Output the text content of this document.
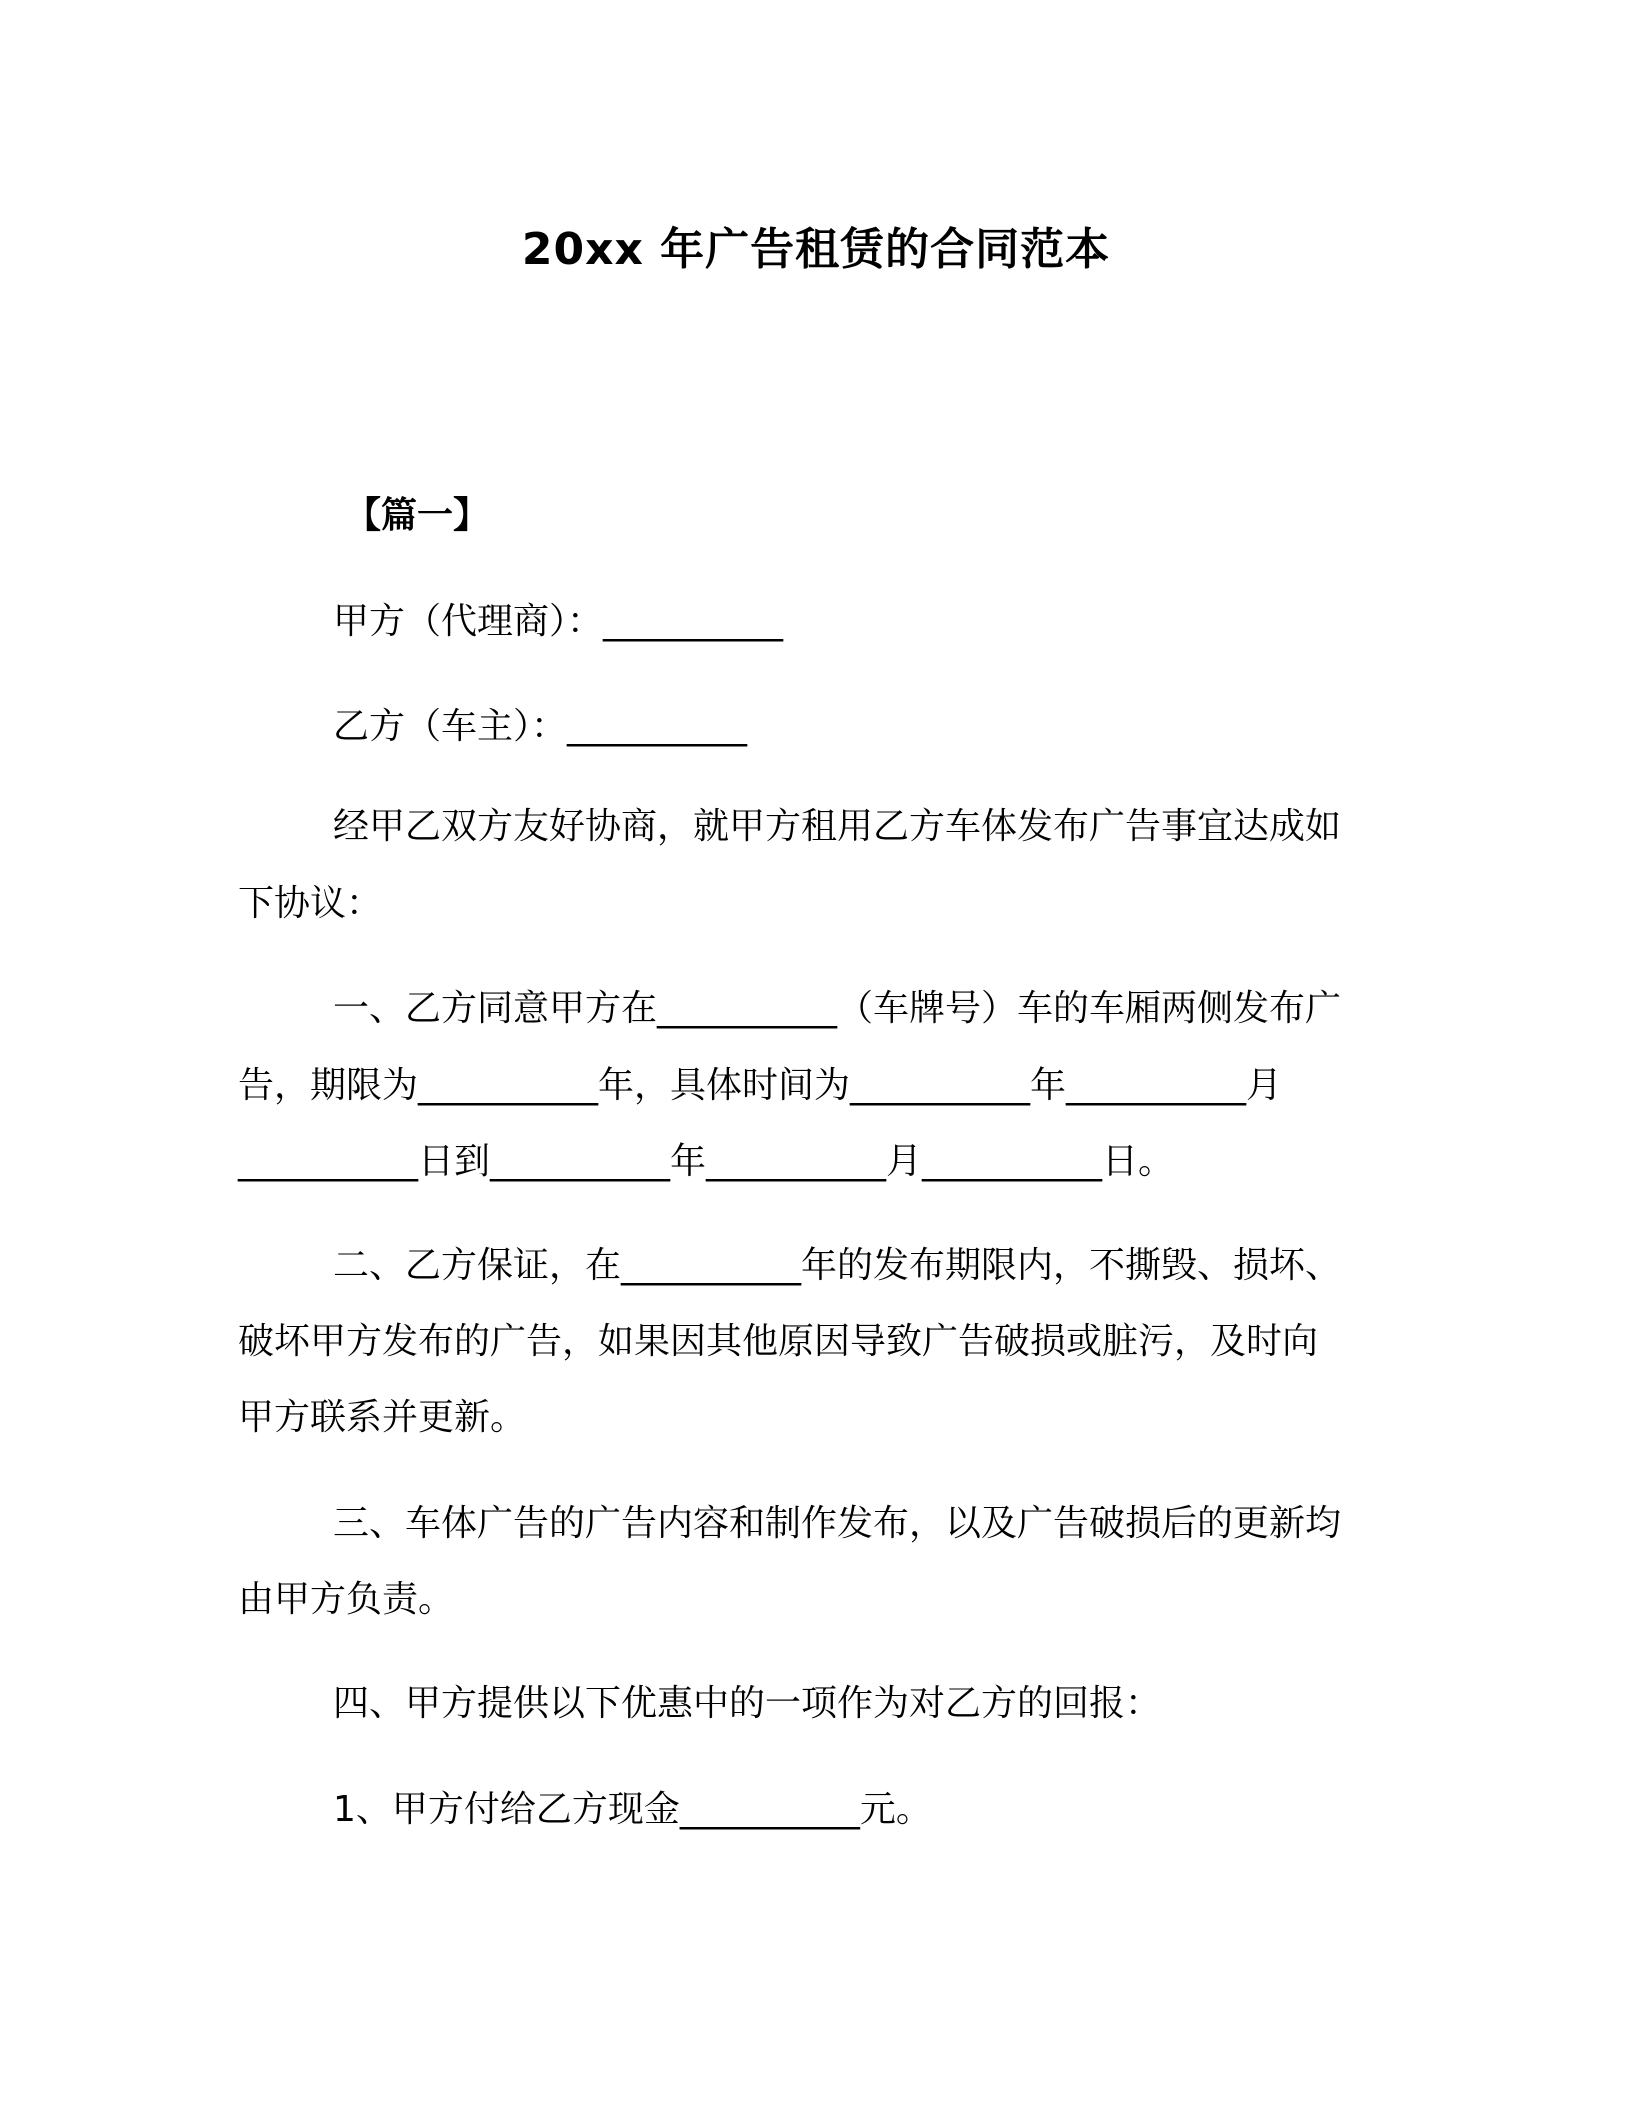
20xx 年广告租赁的合同范本
【篇一】
甲方（代理商）：__________
乙方（车主）：__________
经甲乙双方友好协商，就甲方租用乙方车体发布广告事宜达成如
下协议：
一、乙方同意甲方在__________（车牌号）车的车厢两侧发布广
告，期限为__________年，具体时间为__________年__________月
__________日到__________年__________月__________日。
二、乙方保证，在__________年的发布期限内，不撕毁、损坏、
破坏甲方发布的广告，如果因其他原因导致广告破损或脏污，及时向
甲方联系并更新。
三、车体广告的广告内容和制作发布，以及广告破损后的更新均
由甲方负责。
四、甲方提供以下优惠中的一项作为对乙方的回报：
1、甲方付给乙方现金__________元。
